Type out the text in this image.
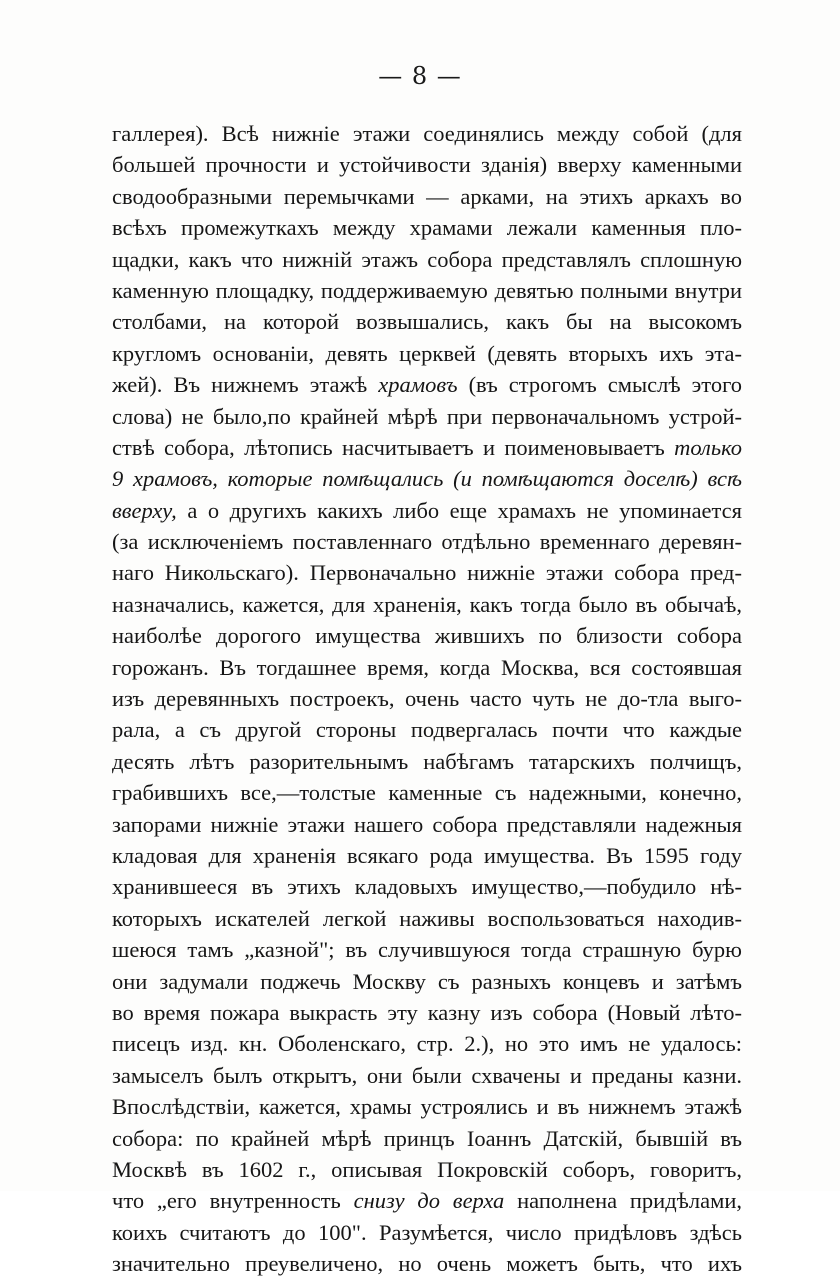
— 8 —
галлерея). Всѣ нижніе этажи соединялись между собой (для
большей прочности и устойчивости зданія) вверху каменными
сводообразными перемычками — арками, на этихъ аркахъ во
всѣхъ промежуткахъ между храмами лежали каменныя пло-
щадки, какъ что нижній этажъ собора представлялъ сплошную
каменную площадку, поддерживаемую девятью полными внутри
столбами, на которой возвышались, какъ бы на высокомъ
кругломъ основаніи, девять церквей (девять вторыхъ ихъ эта-
жей). Въ нижнемъ этажѣ храмовъ (въ строгомъ смыслѣ этого
слова) не было,по крайней мѣрѣ при первоначальномъ устрой-
ствѣ собора, лѣтопись насчитываетъ и поименовываетъ только
9 храмовъ, которые помѣщались (и помѣщаются доселѣ) всѣ
вверху, а о другихъ какихъ либо еще храмахъ не упоминается
(за исключеніемъ поставленнаго отдѣльно временнаго деревян-
наго Никольскаго). Первоначально нижніе этажи собора пред-
назначались, кажется, для храненія, какъ тогда было въ обычаѣ,
наиболѣе дорогого имущества жившихъ по близости собора
горожанъ. Въ тогдашнее время, когда Москва, вся состоявшая
изъ деревянныхъ построекъ, очень часто чуть не до-тла выго-
рала, а съ другой стороны подвергалась почти что каждые
десять лѣтъ разорительнымъ набѣгамъ татарскихъ полчищъ,
грабившихъ все,—толстые каменные съ надежными, конечно,
запорами нижніе этажи нашего собора представляли надежныя
кладовая для храненія всякаго рода имущества. Въ 1595 году
хранившееся въ этихъ кладовыхъ имущество,—побудило нѣ-
которыхъ искателей легкой наживы воспользоваться находив-
шеюся тамъ „казной"; въ случившуюся тогда страшную бурю
они задумали поджечь Москву съ разныхъ концевъ и затѣмъ
во время пожара выкрасть эту казну изъ собора (Новый лѣто-
писецъ изд. кн. Оболенскаго, стр. 2.), но это имъ не удалось:
замыселъ былъ открытъ, они были схвачены и преданы казни.
Впослѣдствіи, кажется, храмы устроялись и въ нижнемъ этажѣ
собора: по крайней мѣрѣ принцъ Іоаннъ Датскій, бывшій въ
Москвѣ въ 1602 г., описывая Покровскій соборъ, говоритъ,
что „его внутренность снизу до верха наполнена придѣлами,
коихъ считаютъ до 100". Разумѣется, число придѣловъ здѣсь
значительно преувеличено, но очень можетъ быть, что ихъ
